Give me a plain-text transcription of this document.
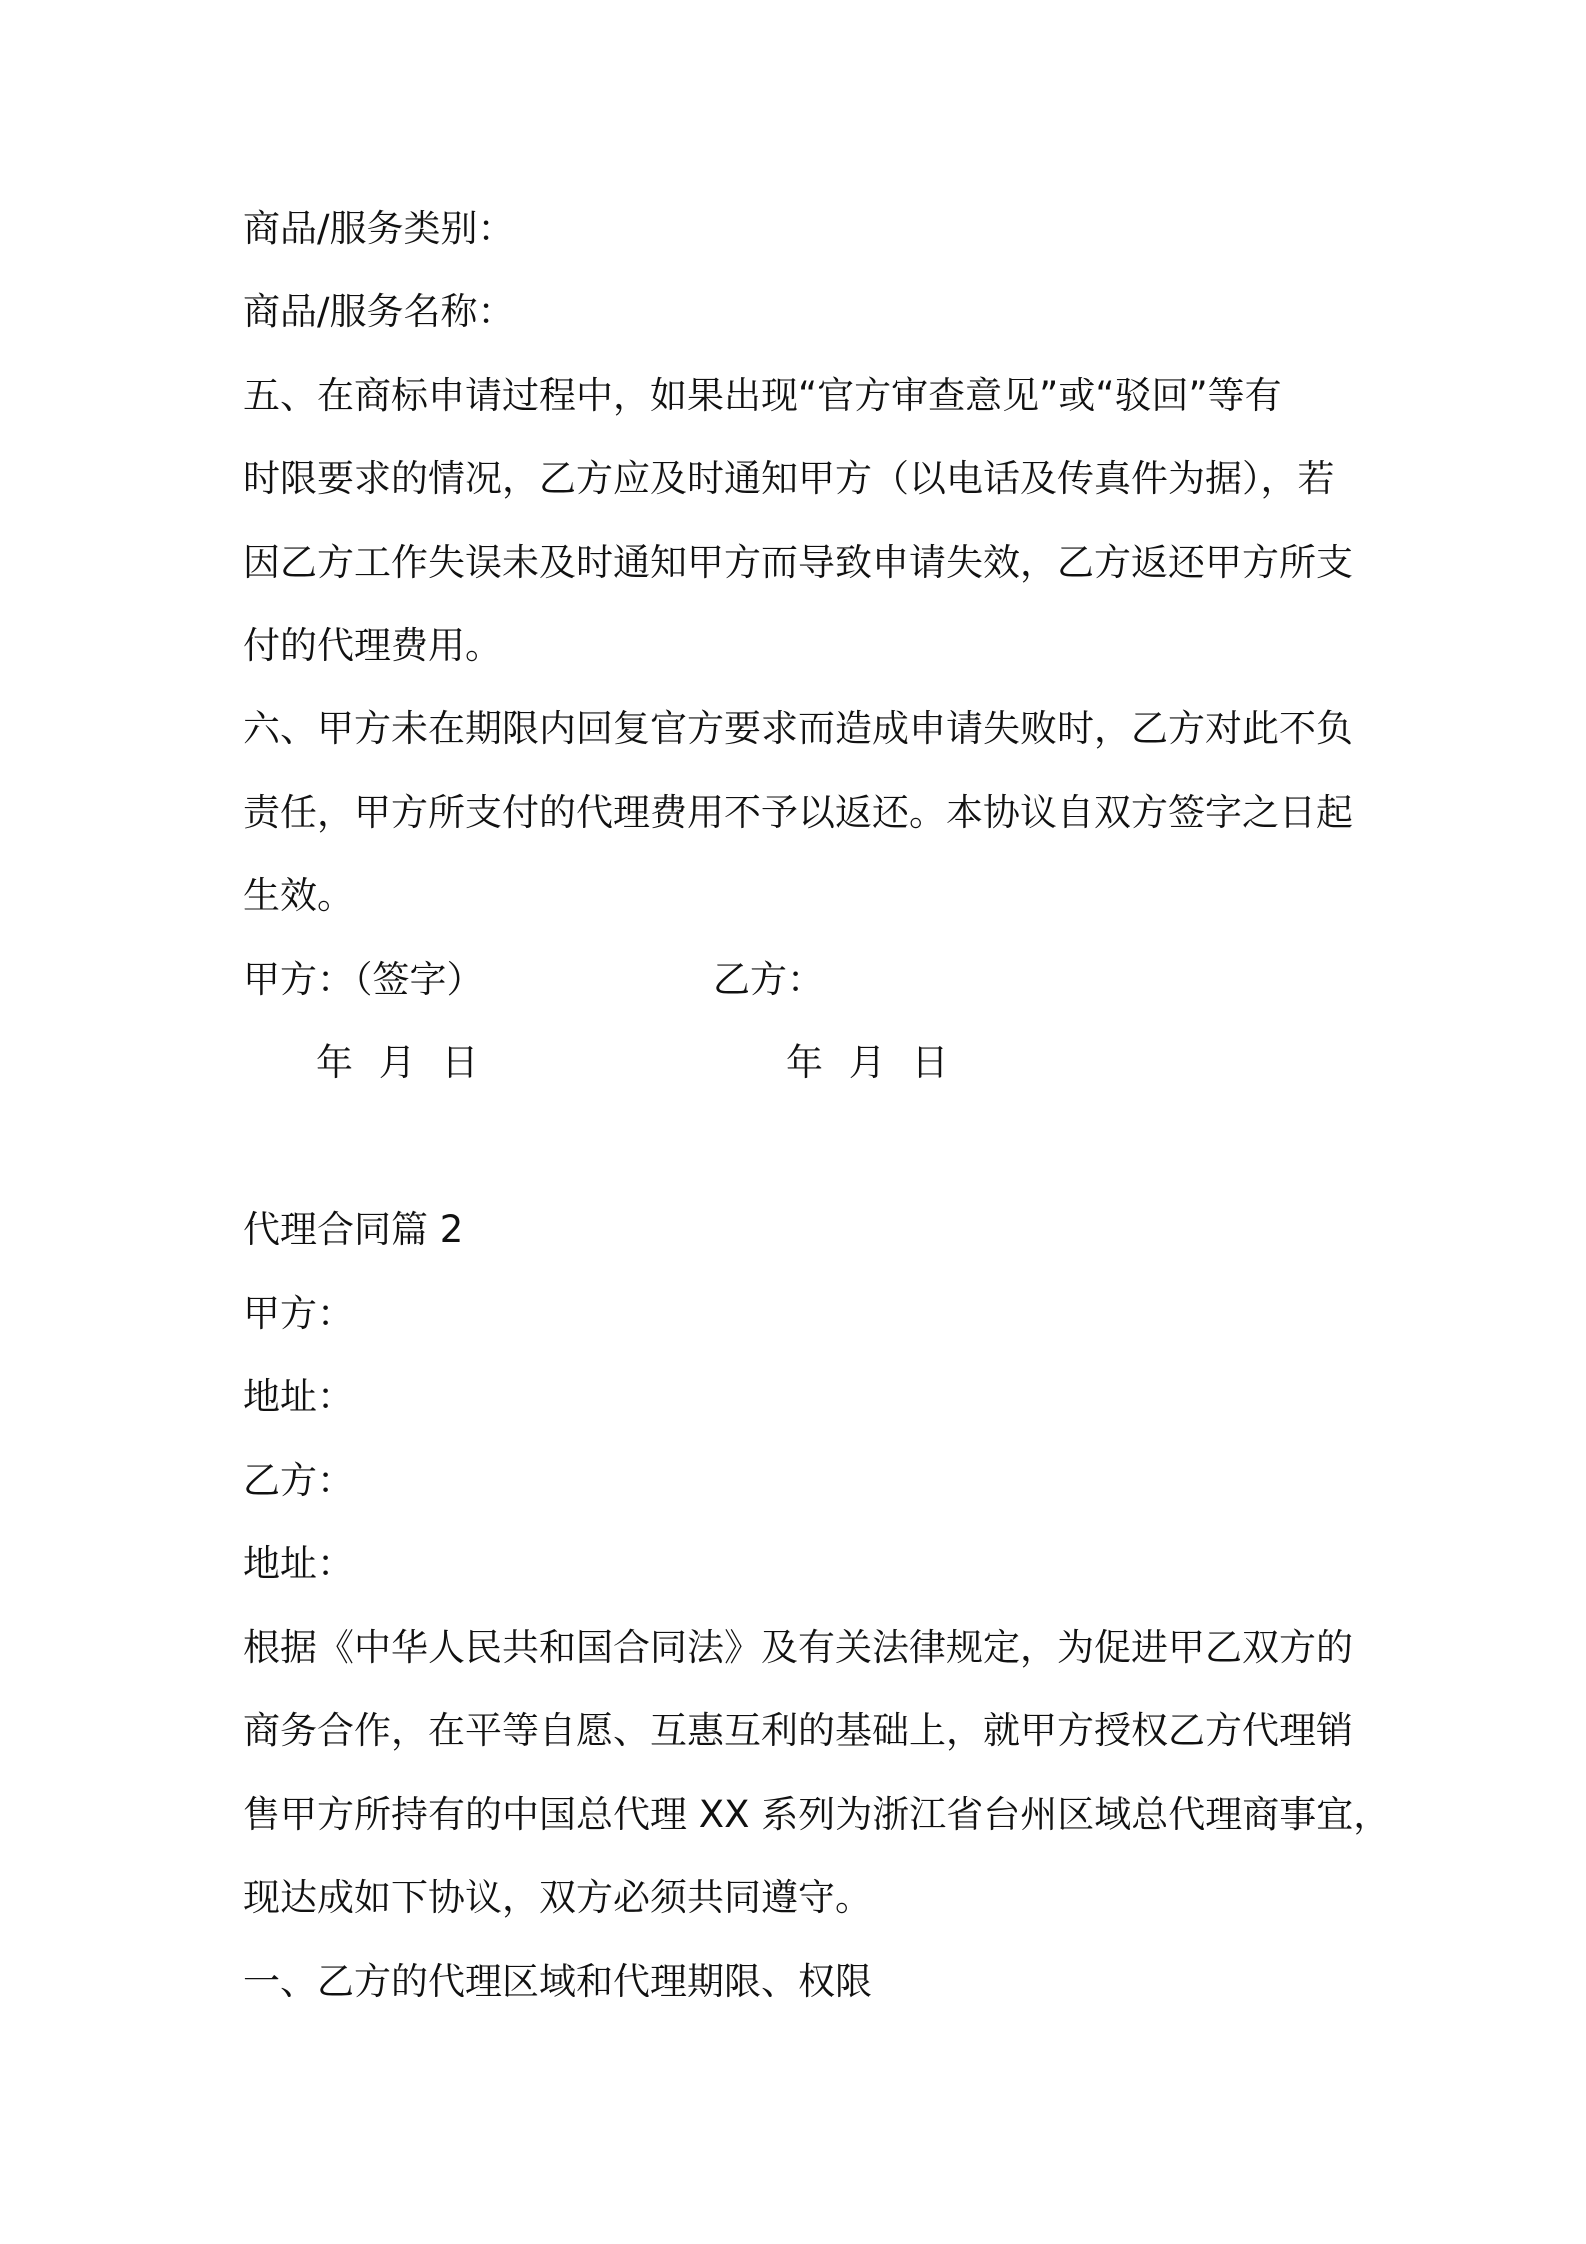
商品/服务类别：
商品/服务名称：
五、在商标申请过程中，如果出现“官方审查意见”或“驳回”等有
时限要求的情况，乙方应及时通知甲方（以电话及传真件为据），若
因乙方工作失误未及时通知甲方而导致申请失效，乙方返还甲方所支
付的代理费用。
六、甲方未在期限内回复官方要求而造成申请失败时，乙方对此不负
责任，甲方所支付的代理费用不予以返还。本协议自双方签字之日起
生效。
甲方：（签字）	乙方：
年 月 日	年 月 日
代理合同篇 2
甲方：
地址：
乙方：
地址：
根据《中华人民共和国合同法》及有关法律规定，为促进甲乙双方的
商务合作，在平等自愿、互惠互利的基础上，就甲方授权乙方代理销
售甲方所持有的中国总代理 XX 系列为浙江省台州区域总代理商事宜，
现达成如下协议，双方必须共同遵守。
一、乙方的代理区域和代理期限、权限
